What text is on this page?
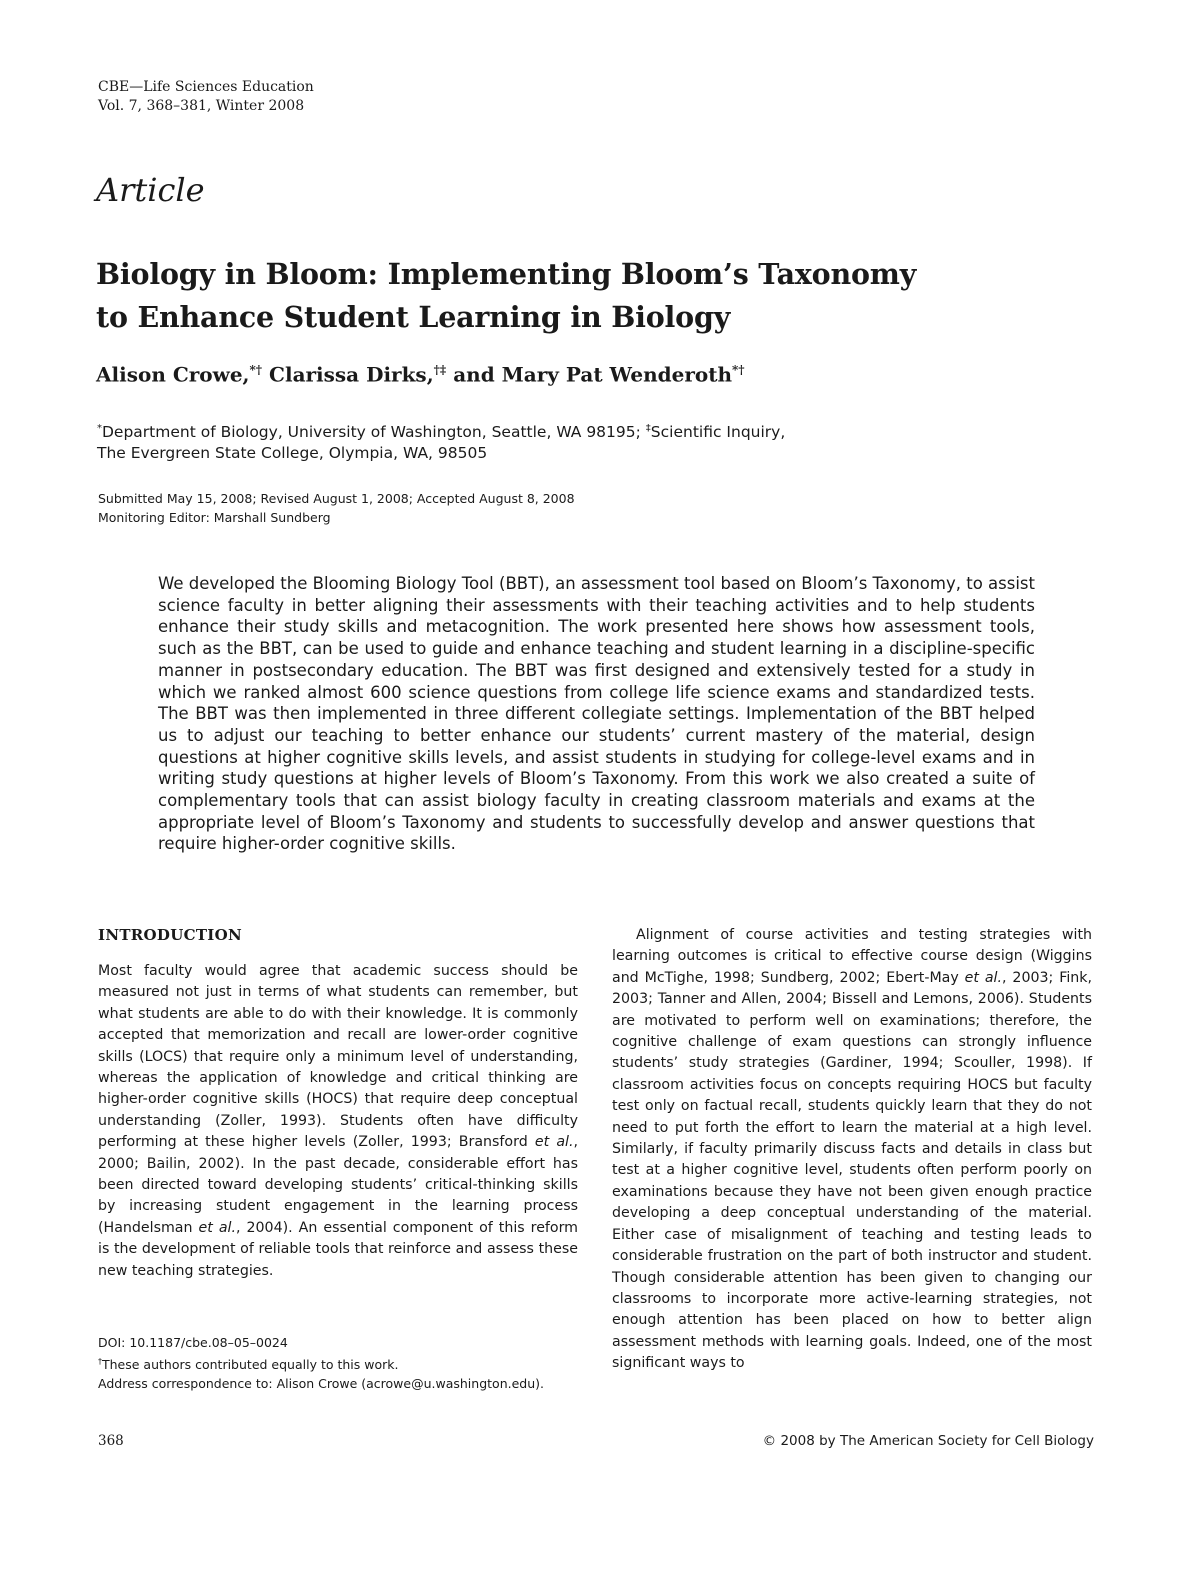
CBE—Life Sciences Education
Vol. 7, 368–381, Winter 2008
Article
Biology in Bloom: Implementing Bloom’s Taxonomy
to Enhance Student Learning in Biology
Alison Crowe,*† Clarissa Dirks,†‡ and Mary Pat Wenderoth*†
*Department of Biology, University of Washington, Seattle, WA 98195; ‡Scientific Inquiry,
The Evergreen State College, Olympia, WA, 98505
Submitted May 15, 2008; Revised August 1, 2008; Accepted August 8, 2008
Monitoring Editor: Marshall Sundberg
We developed the Blooming Biology Tool (BBT), an assessment tool based on Bloom’s Taxonomy, to assist science faculty in better aligning their assessments with their teaching activities and to help students enhance their study skills and metacognition. The work presented here shows how assessment tools, such as the BBT, can be used to guide and enhance teaching and student learning in a discipline-specific manner in postsecondary education. The BBT was first designed and extensively tested for a study in which we ranked almost 600 science questions from college life science exams and standardized tests. The BBT was then implemented in three different collegiate settings. Implementation of the BBT helped us to adjust our teaching to better enhance our students’ current mastery of the material, design questions at higher cognitive skills levels, and assist students in studying for college-level exams and in writing study questions at higher levels of Bloom’s Taxonomy. From this work we also created a suite of complementary tools that can assist biology faculty in creating classroom materials and exams at the appropriate level of Bloom’s Taxonomy and students to successfully develop and answer questions that require higher-order cognitive skills.
INTRODUCTION

Most faculty would agree that academic success should be measured not just in terms of what students can remember, but what students are able to do with their knowledge. It is commonly accepted that memorization and recall are lower-order cognitive skills (LOCS) that require only a minimum level of understanding, whereas the application of knowledge and critical thinking are higher-order cognitive skills (HOCS) that require deep conceptual understanding (Zoller, 1993). Students often have difficulty performing at these higher levels (Zoller, 1993; Bransford et al., 2000; Bailin, 2002). In the past decade, considerable effort has been directed toward developing students’ critical-thinking skills by increasing student engagement in the learning process (Handelsman et al., 2004). An essential component of this reform is the development of reliable tools that reinforce and assess these new teaching strategies.

Alignment of course activities and testing strategies with learning outcomes is critical to effective course design (Wiggins and McTighe, 1998; Sundberg, 2002; Ebert-May et al., 2003; Fink, 2003; Tanner and Allen, 2004; Bissell and Lemons, 2006). Students are motivated to perform well on examinations; therefore, the cognitive challenge of exam questions can strongly influence students’ study strategies (Gardiner, 1994; Scouller, 1998). If classroom activities focus on concepts requiring HOCS but faculty test only on factual recall, students quickly learn that they do not need to put forth the effort to learn the material at a high level. Similarly, if faculty primarily discuss facts and details in class but test at a higher cognitive level, students often perform poorly on examinations because they have not been given enough practice developing a deep conceptual understanding of the material. Either case of misalignment of teaching and testing leads to considerable frustration on the part of both instructor and student. Though considerable attention has been given to changing our classrooms to incorporate more active-learning strategies, not enough attention has been placed on how to better align assessment methods with learning goals. Indeed, one of the most significant ways to

DOI: 10.1187/cbe.08–05–0024
†These authors contributed equally to this work.
Address correspondence to: Alison Crowe (acrowe@u.washington.edu).
368	© 2008 by The American Society for Cell Biology
